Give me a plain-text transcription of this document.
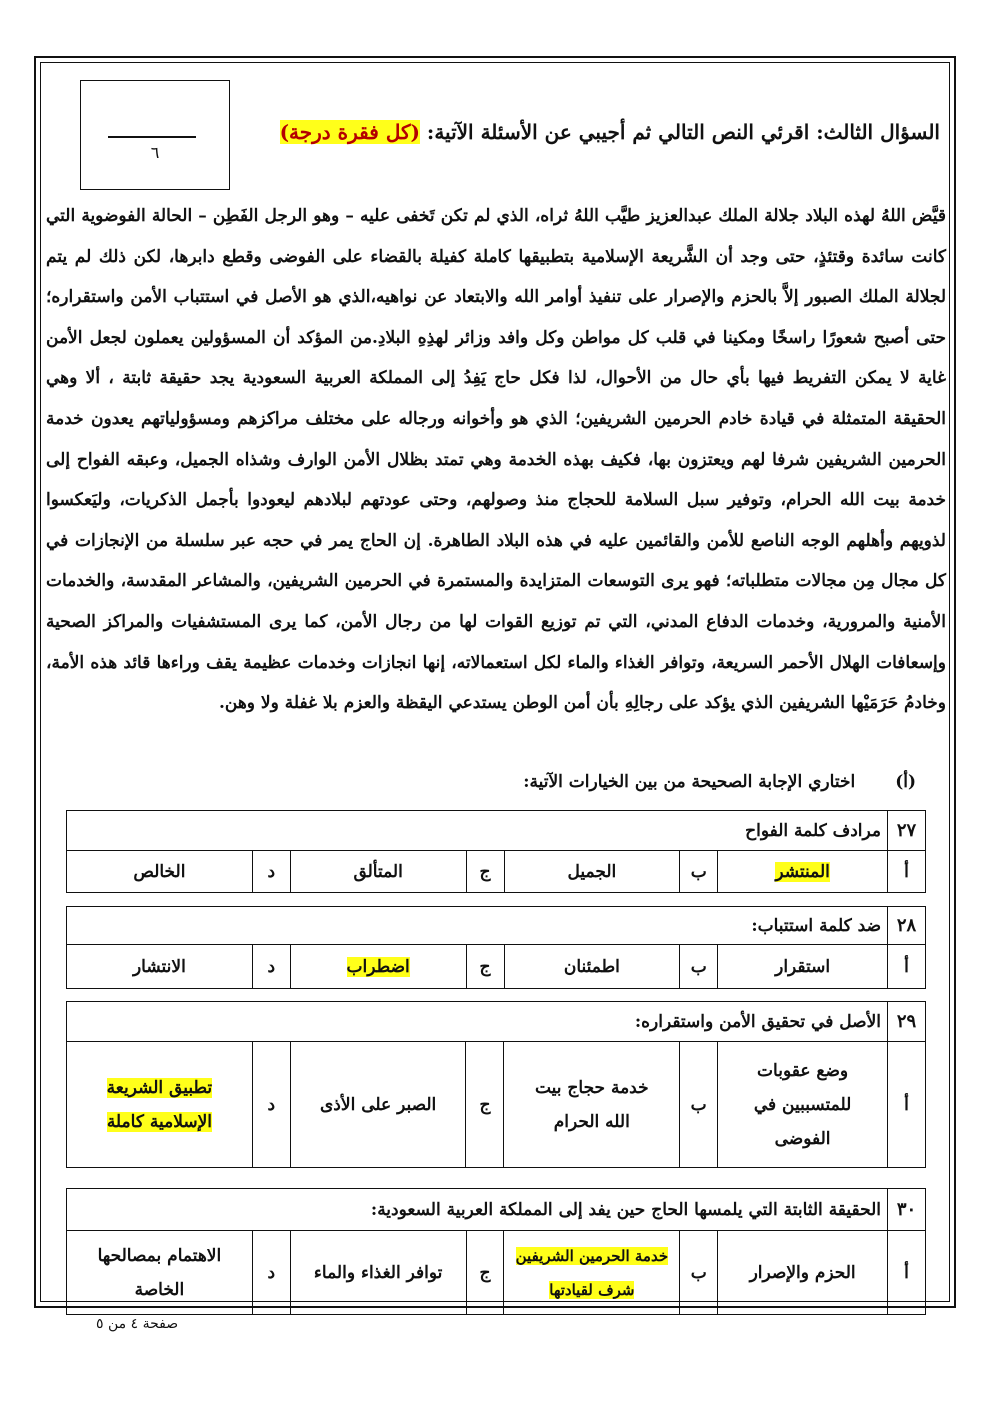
٦
السؤال الثالث: اقرئي النص التالي ثم أجيبي عن الأسئلة الآتية: (كل فقرة درجة)
قيَّض اللهُ لهذه البلاد جلالة الملك عبدالعزيز طيَّب اللهُ ثراه، الذي لم تكن تَخفى عليه – وهو الرجل الفَطِن – الحالة الفوضوية التي كانت سائدة وقتئذٍ، حتى وجد أن الشَّريعة الإسلامية بتطبيقها كاملة كفيلة بالقضاء على الفوضى وقطع دابرها، لكن ذلك لم يتم لجلالة الملك الصبور إلاَّ بالحزم والإصرار على تنفيذ أوامر الله والابتعاد عن نواهيه،الذي هو الأصل في استتباب الأمن واستقراره؛ حتى أصبح شعورًا راسخًا ومكينا في قلب كل مواطن وكل وافد وزائر لهذِهِ البلادِ.من المؤكد أن المسؤولين يعملون لجعل الأمن غاية لا يمكن التفريط فيها بأي حال من الأحوال، لذا فكل حاج يَفِدُ إلى المملكة العربية السعودية يجد حقيقة ثابتة ، ألا وهي الحقيقة المتمثلة في قيادة خادم الحرمين الشريفين؛ الذي هو وأخوانه ورجاله على مختلف مراكزهم ومسؤولياتهم يعدون خدمة الحرمين الشريفين شرفا لهم ويعتزون بها، فكيف بهذه الخدمة وهي تمتد بظلال الأمن الوارف وشذاه الجميل، وعبقه الفواح إلى خدمة بيت الله الحرام، وتوفير سبل السلامة للحجاج منذ وصولهم، وحتى عودتهم لبلادهم ليعودوا بأجمل الذكريات، وليَعكسوا لذويهم وأهلهم الوجه الناصع للأمن والقائمين عليه في هذه البلاد الطاهرة. إن الحاج يمر في حجه عبر سلسلة من الإنجازات في كل مجال مِن مجالات متطلباته؛ فهو يرى التوسعات المتزايدة والمستمرة في الحرمين الشريفين، والمشاعر المقدسة، والخدمات الأمنية والمرورية، وخدمات الدفاع المدني، التي تم توزيع القوات لها من رجال الأمن، كما يرى المستشفيات والمراكز الصحية وإسعافات الهلال الأحمر السريعة، وتوافر الغذاء والماء لكل استعمالاته، إنها انجازات وخدمات عظيمة يقف وراءها قائد هذه الأمة، وخادمُ حَرَمَيْها الشريفين الذي يؤكد على رجالِهِ بأن أمن الوطن يستدعي اليقظة والعزم بلا غفلة ولا وهن.
(أ)اختاري الإجابة الصحيحة من بين الخيارات الآتية:
٢٧	مرادف كلمة الفواح						
أ	المنتشر	ب	الجميل	ج	المتألق	د	الخالص
٢٨	ضد كلمة استتباب:						
أ	استقرار	ب	اطمئنان	ج	اضطراب	د	الانتشار
٢٩	الأصل في تحقيق الأمن واستقراره:						
أ	وضع عقوبات للمتسببين في الفوضى	ب	خدمة حجاج بيت الله الحرام	ج	الصبر على الأذى	د	تطبيق الشريعة الإسلامية كاملة
٣٠	الحقيقة الثابتة التي يلمسها الحاج حين يفد إلى المملكة العربية السعودية:						
أ	الحزم والإصرار	ب	خدمة الحرمين الشريفين شرف لقيادتها	ج	توافر الغذاء والماء	د	الاهتمام بمصالحها الخاصة
صفحة ٤ من ٥
